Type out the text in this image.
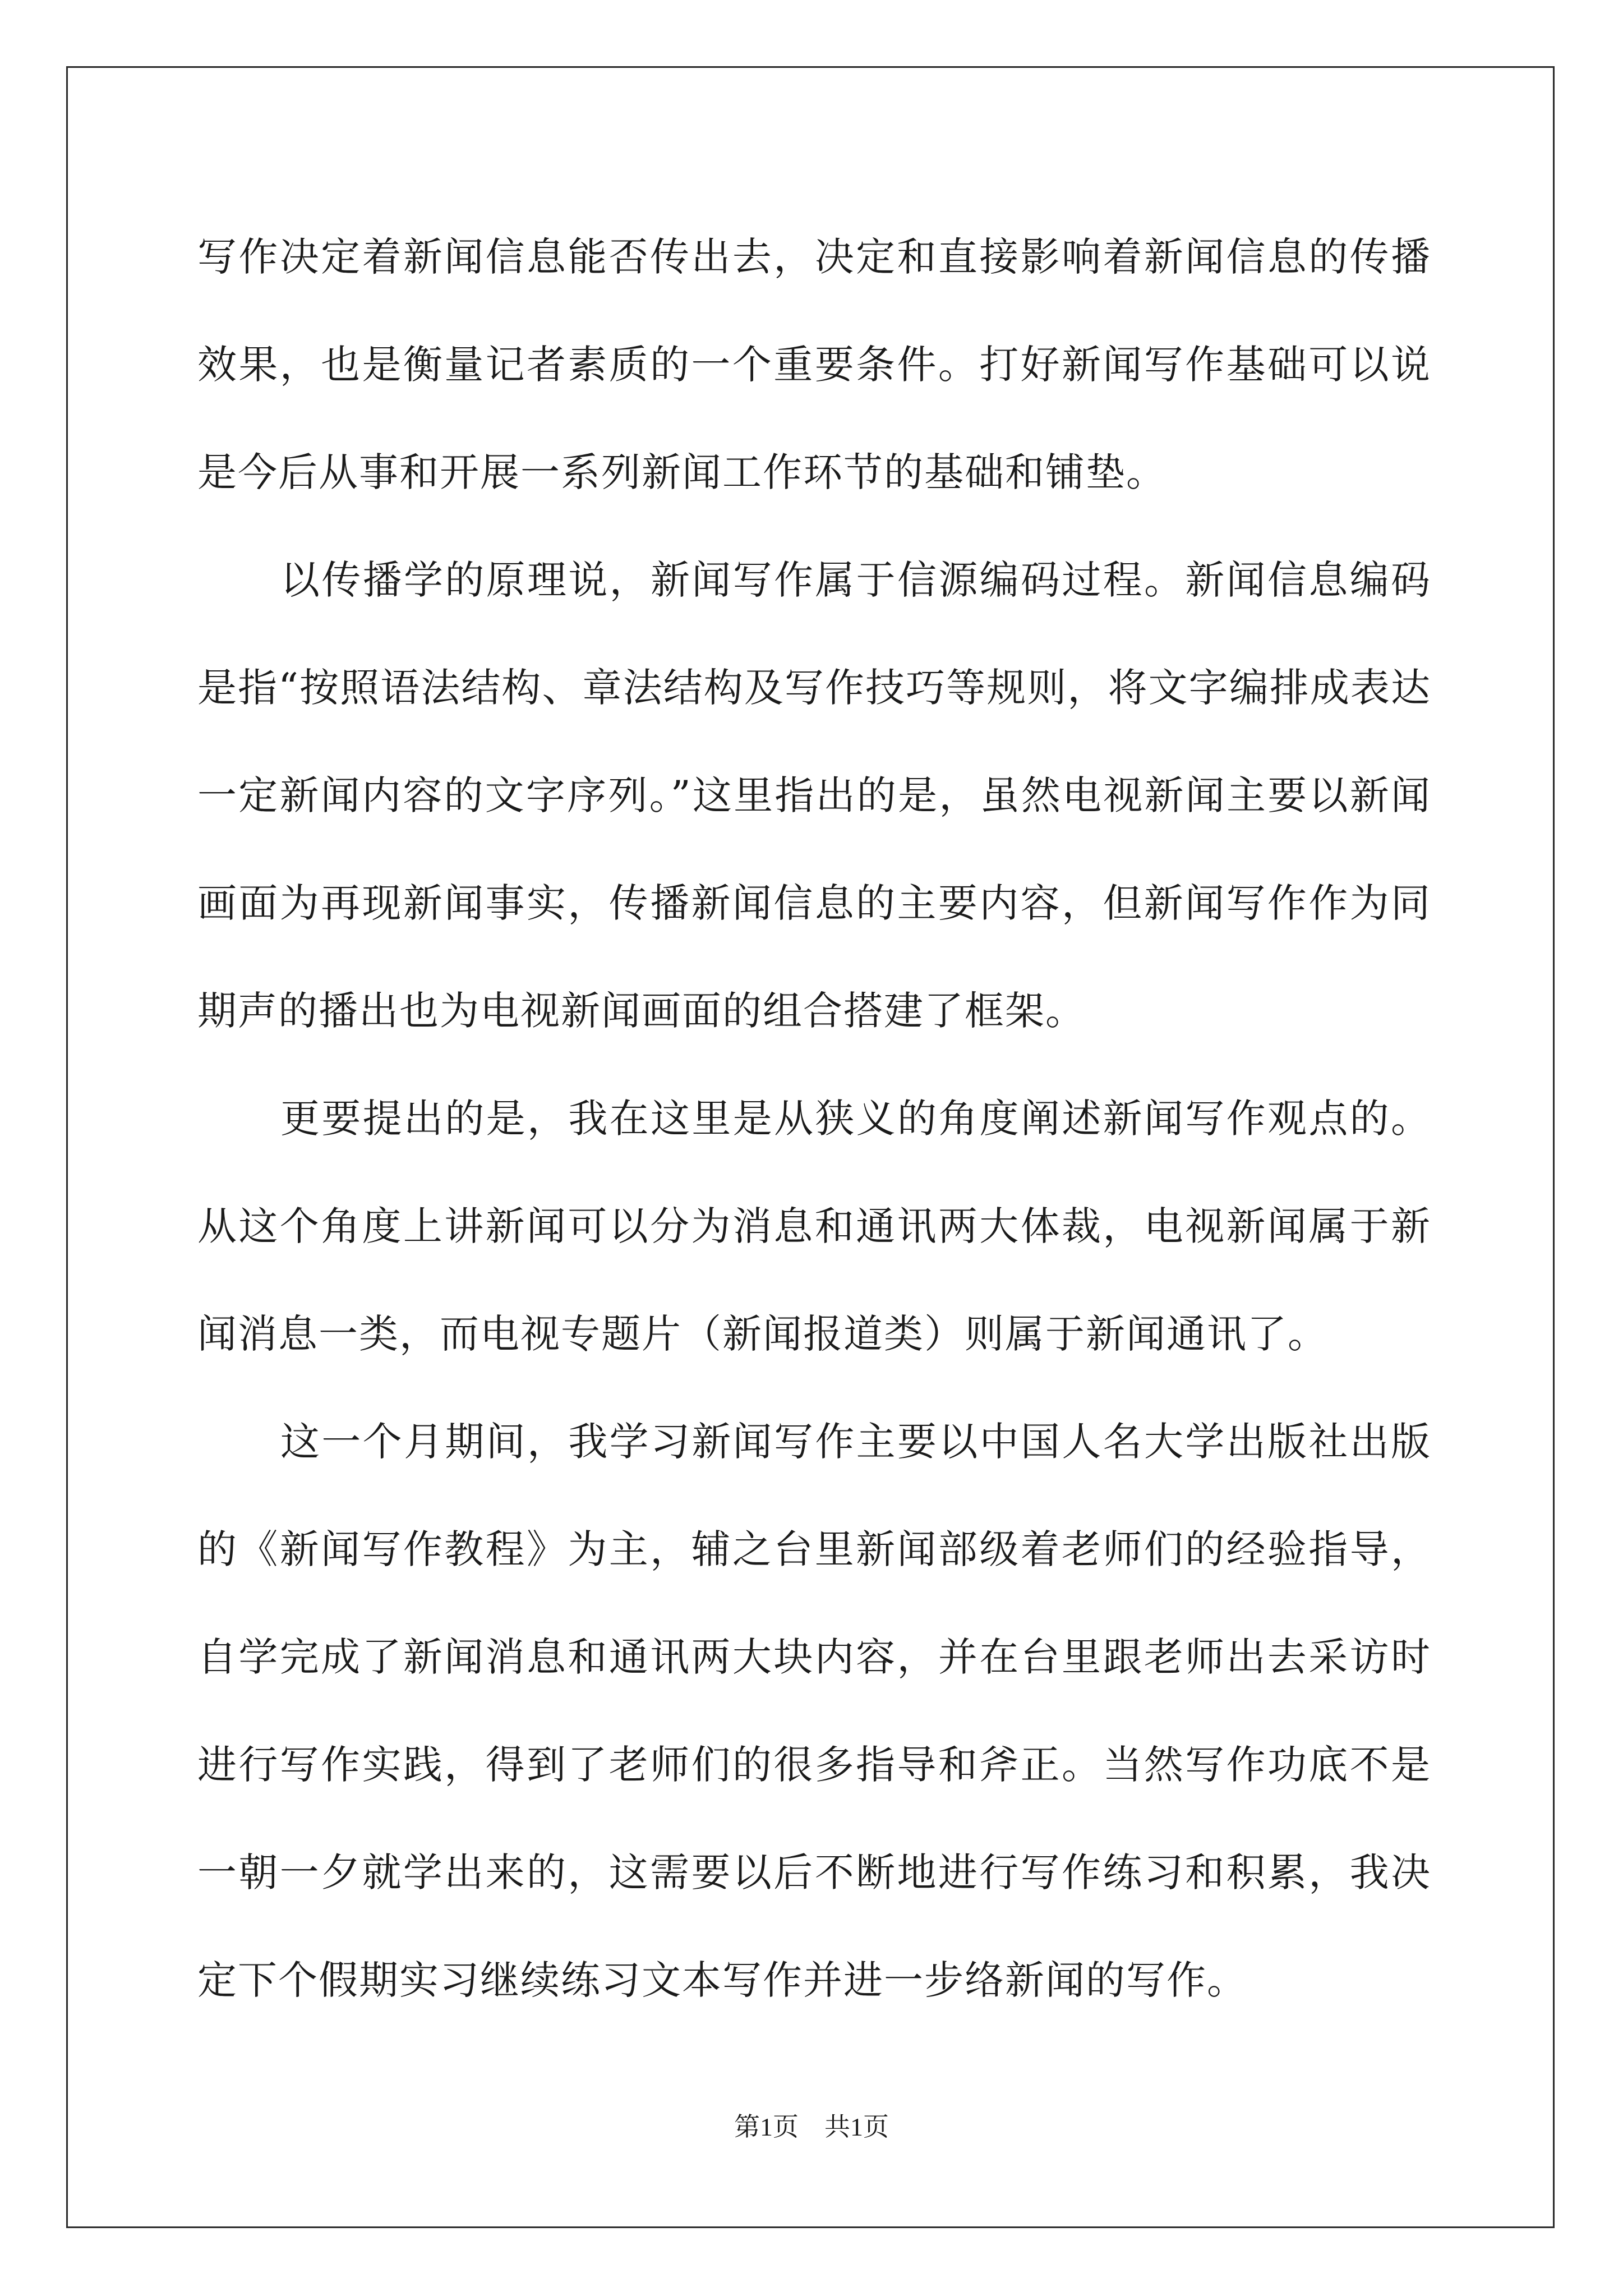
写作决定着新闻信息能否传出去，决定和直接影响着新闻信息的传播效果，也是衡量记者素质的一个重要条件。打好新闻写作基础可以说是今后从事和开展一系列新闻工作环节的基础和铺垫。

以传播学的原理说，新闻写作属于信源编码过程。新闻信息编码是指“按照语法结构、章法结构及写作技巧等规则，将文字编排成表达一定新闻内容的文字序列。”这里指出的是，虽然电视新闻主要以新闻画面为再现新闻事实，传播新闻信息的主要内容，但新闻写作作为同期声的播出也为电视新闻画面的组合搭建了框架。

更要提出的是，我在这里是从狭义的角度阐述新闻写作观点的。从这个角度上讲新闻可以分为消息和通讯两大体裁，电视新闻属于新闻消息一类，而电视专题片（新闻报道类）则属于新闻通讯了。

这一个月期间，我学习新闻写作主要以中国人名大学出版社出版的《新闻写作教程》为主，辅之台里新闻部级着老师们的经验指导，自学完成了新闻消息和通讯两大块内容，并在台里跟老师出去采访时进行写作实践，得到了老师们的很多指导和斧正。当然写作功底不是一朝一夕就学出来的，这需要以后不断地进行写作练习和积累，我决定下个假期实习继续练习文本写作并进一步络新闻的写作。

第1页 共1页
